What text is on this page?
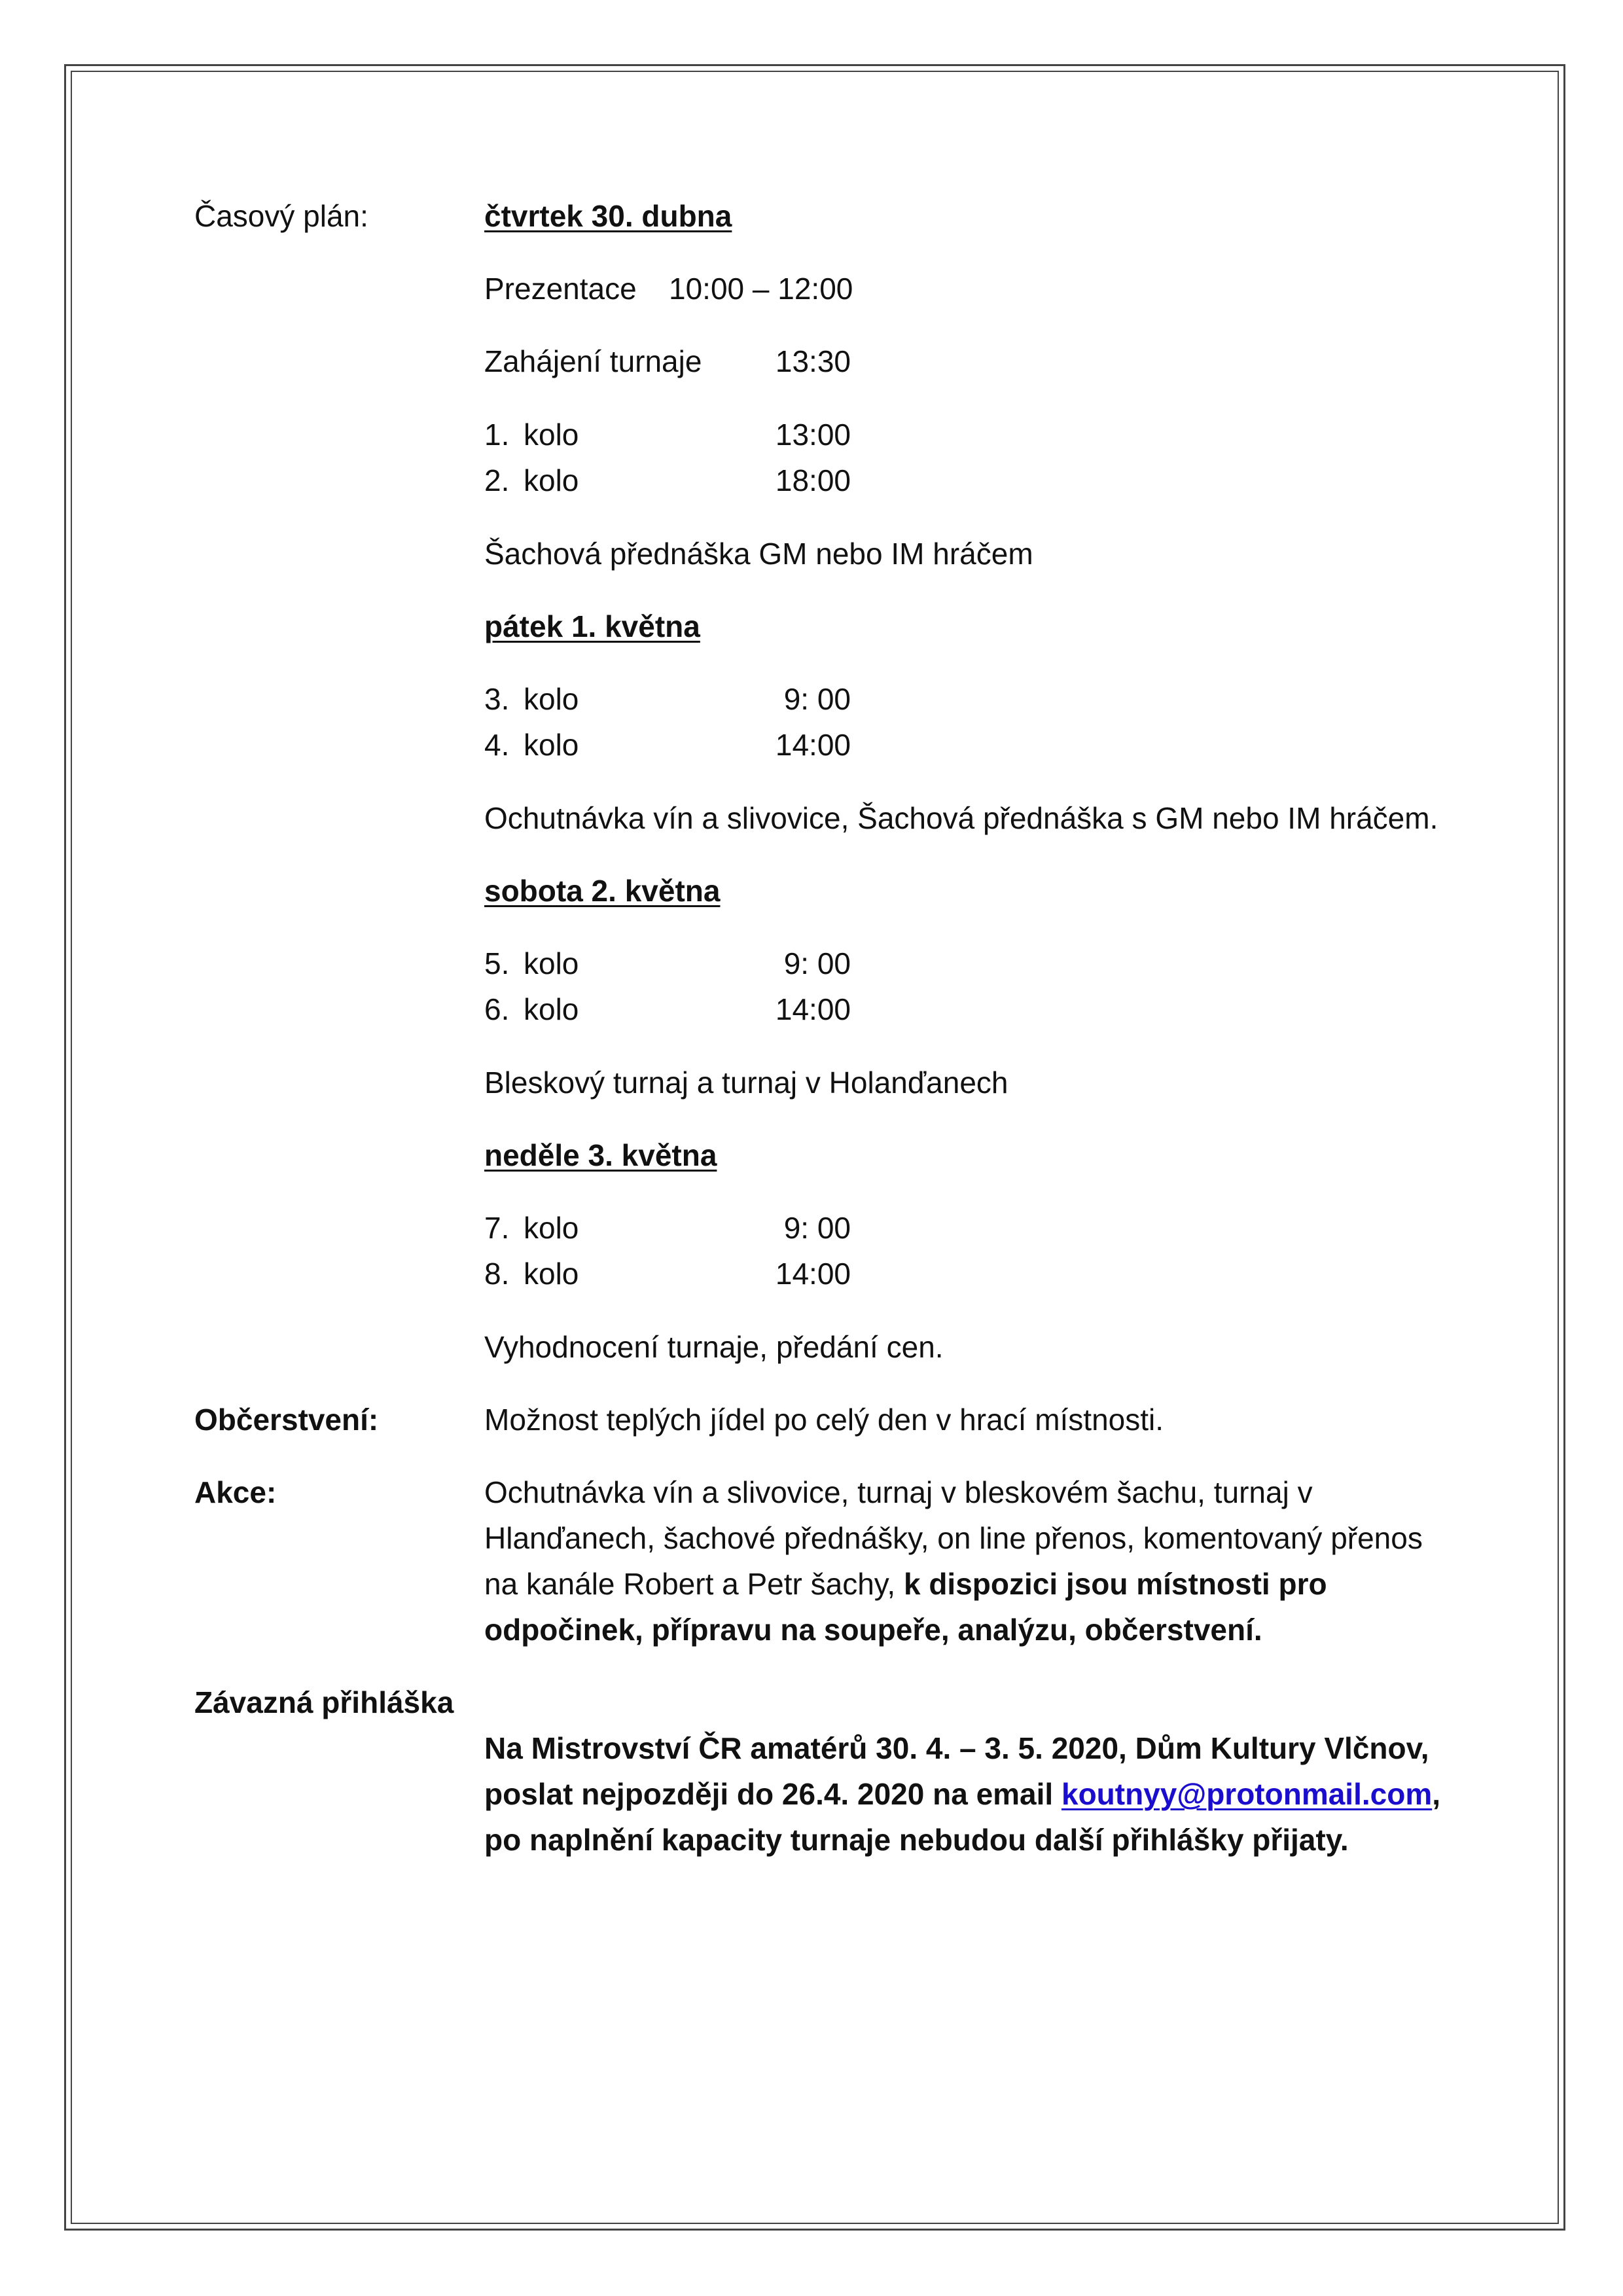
Časový plán:	čtvrtek 30. dubna
Prezentace 10:00 – 12:00
Zahájení turnaje	13:30
1. kolo	13:00
2. kolo	18:00
Šachová přednáška GM nebo IM hráčem
pátek 1. května
3. kolo	9: 00
4. kolo	14:00
Ochutnávka vín a slivovice, Šachová přednáška s GM nebo IM hráčem.
sobota 2. května
5. kolo	9: 00
6. kolo	14:00
Bleskový turnaj a turnaj v Holanďanech
neděle 3. května
7. kolo	9: 00
8. kolo	14:00
Vyhodnocení turnaje, předání cen.
Občerstvení:	Možnost teplých jídel po celý den v hrací místnosti.
Akce:	Ochutnávka vín a slivovice, turnaj v bleskovém šachu, turnaj v
Hlanďanech, šachové přednášky, on line přenos, komentovaný přenos
na kanále Robert a Petr šachy, k dispozici jsou místnosti pro
odpočinek, přípravu na soupeře, analýzu, občerstvení.
Závazná přihláška
Na Mistrovství ČR amatérů 30. 4. – 3. 5. 2020, Dům Kultury Vlčnov,
poslat nejpozději do 26.4. 2020 na email koutnyy@protonmail.com,
po naplnění kapacity turnaje nebudou další přihlášky přijaty.
